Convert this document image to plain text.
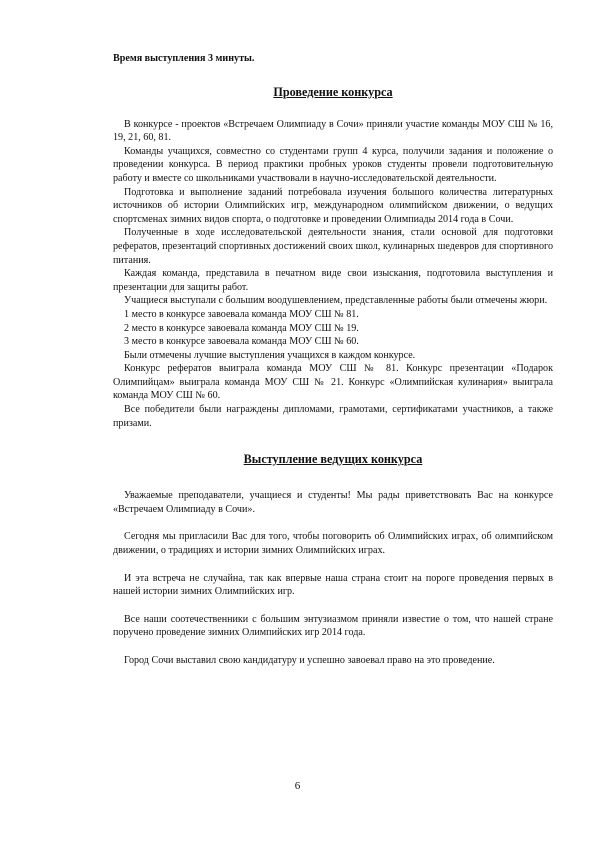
Время выступления 3 минуты.

Проведение конкурса

В конкурсе - проектов «Встречаем Олимпиаду в Сочи» приняли участие команды МОУ СШ № 16, 19, 21, 60, 81.

Команды учащихся, совместно со студентами групп 4 курса, получили задания и положение о проведении конкурса. В период практики пробных уроков студенты провели подготовительную работу и вместе со школьниками участвовали в научно-исследовательской деятельности.

Подготовка и выполнение заданий потребовала изучения большого количества литературных источников об истории Олимпийских игр, международном олимпийском движении, о ведущих спортсменах зимних видов спорта, о подготовке и проведении Олимпиады 2014 года в Сочи.

Полученные в ходе исследовательской деятельности знания, стали основой для подготовки рефератов, презентаций спортивных достижений своих школ, кулинарных шедевров для спортивного питания.

Каждая команда, представила в печатном виде свои изыскания, подготовила выступления и презентации для защиты работ.

Учащиеся выступали с большим воодушевлением, представленные работы были отмечены жюри.

1 место в конкурсе завоевала команда МОУ СШ № 81.

2 место в конкурсе завоевала команда МОУ СШ № 19.

3 место в конкурсе завоевала команда МОУ СШ № 60.

Были отмечены лучшие выступления учащихся в каждом конкурсе.

Конкурс рефератов выиграла команда МОУ СШ № 81. Конкурс презентации «Подарок Олимпийцам» выиграла команда МОУ СШ № 21. Конкурс «Олимпийская кулинария» выиграла команда МОУ СШ № 60.

Все победители были награждены дипломами, грамотами, сертификатами участников, а также призами.

Выступление ведущих конкурса

Уважаемые преподаватели, учащиеся и студенты! Мы рады приветствовать Вас на конкурсе «Встречаем Олимпиаду в Сочи».

Сегодня мы пригласили Вас для того, чтобы поговорить об Олимпийских играх, об олимпийском движении, о традициях и истории зимних Олимпийских играх.

И эта встреча не случайна, так как впервые наша страна стоит на пороге проведения первых в нашей истории зимних Олимпийских игр.

Все наши соотечественники с большим энтузиазмом приняли известие о том, что нашей стране поручено проведение зимних Олимпийских игр 2014 года.

Город Сочи выставил свою кандидатуру и успешно завоевал право на это проведение.

6
